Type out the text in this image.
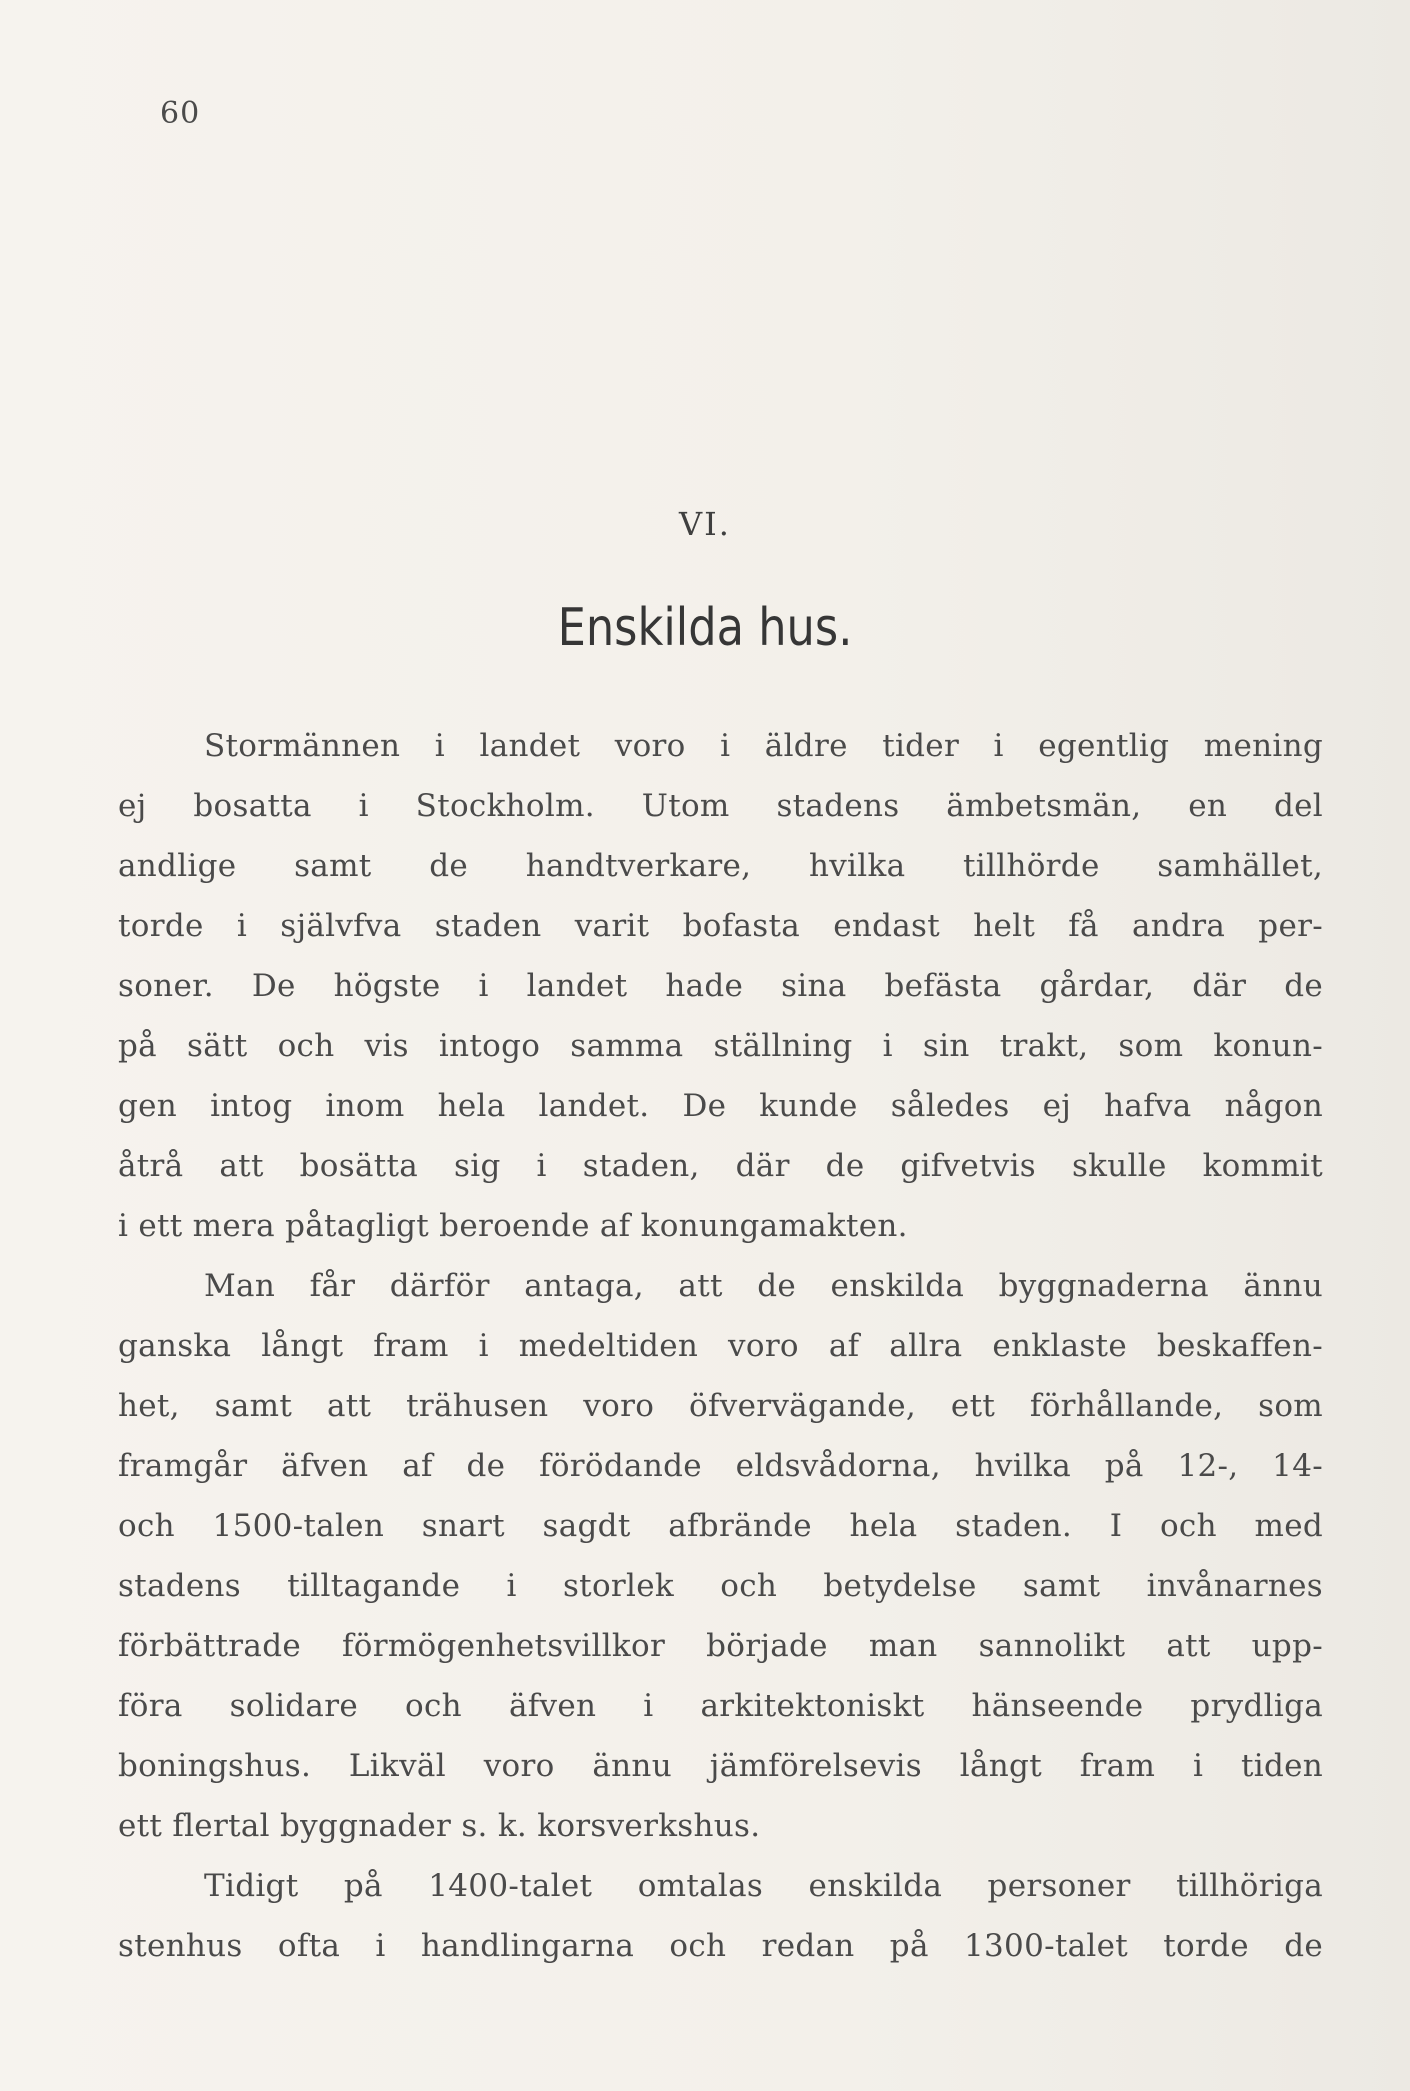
60
VI.
Enskilda hus.
Stormännen i landet voro i äldre tider i egentlig mening
ej bosatta i Stockholm. Utom stadens ämbetsmän, en del
andlige samt de handtverkare, hvilka tillhörde samhället,
torde i självfva staden varit bofasta endast helt få andra per-
soner. De högste i landet hade sina befästa gårdar, där de
på sätt och vis intogo samma ställning i sin trakt, som konun-
gen intog inom hela landet. De kunde således ej hafva någon
åtrå att bosätta sig i staden, där de gifvetvis skulle kommit
i ett mera påtagligt beroende af konungamakten.
Man får därför antaga, att de enskilda byggnaderna ännu
ganska långt fram i medeltiden voro af allra enklaste beskaffen-
het, samt att trähusen voro öfvervägande, ett förhållande, som
framgår äfven af de förödande eldsvådorna, hvilka på 12-, 14-
och 1500-talen snart sagdt afbrände hela staden. I och med
stadens tilltagande i storlek och betydelse samt invånarnes
förbättrade förmögenhetsvillkor började man sannolikt att upp-
föra solidare och äfven i arkitektoniskt hänseende prydliga
boningshus. Likväl voro ännu jämförelsevis långt fram i tiden
ett flertal byggnader s. k. korsverkshus.
Tidigt på 1400-talet omtalas enskilda personer tillhöriga
stenhus ofta i handlingarna och redan på 1300-talet torde de
